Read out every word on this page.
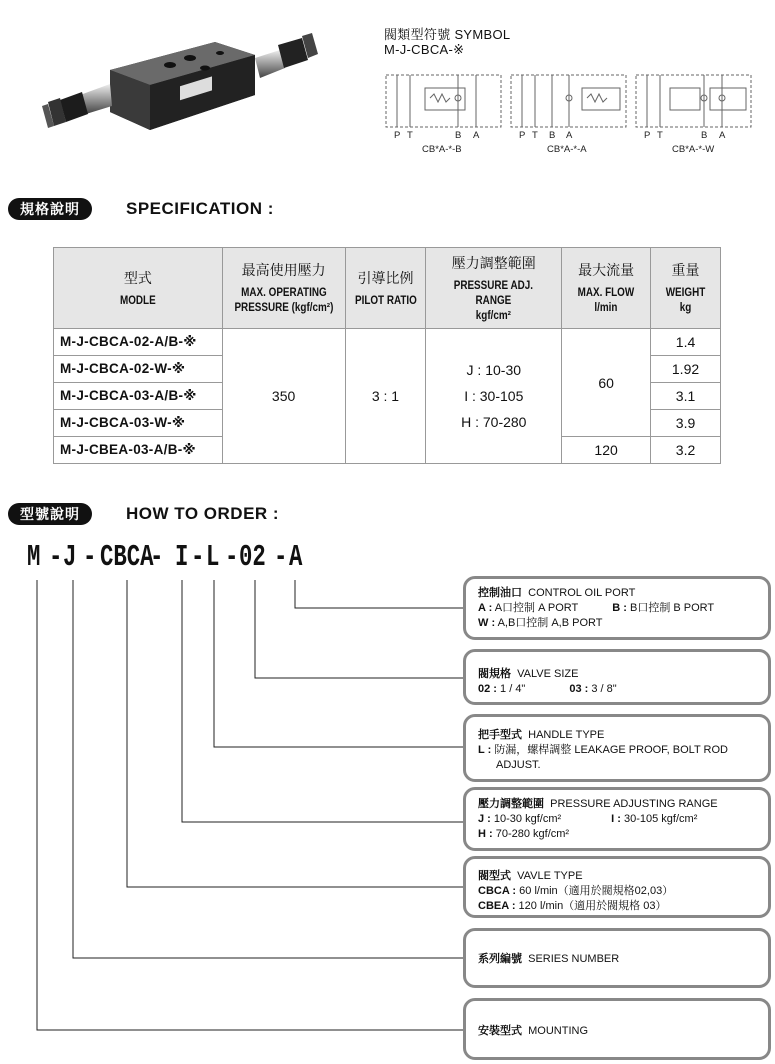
閥類型符號 SYMBOL
M-J-CBCA-※
P T	B A
CB*A-*-B
P T B A
CB*A-*-A
P T	B A
CB*A-*-W
規格說明	SPECIFICATION :
型式
MODLE	最高使用壓力
MAX. OPERATING
PRESSURE (kgf/cm²)	引導比例
PILOT RATIO	壓力調整範圍
PRESSURE ADJ. RANGE
kgf/cm²	最大流量
MAX. FLOW
l/min	重量
WEIGHT
kg

M-J-CBCA-02-A/B-※	350	3 : 1	J : 10-30
I : 30-105
H : 70-280	60	1.4
M-J-CBCA-02-W-※					1.92
M-J-CBCA-03-A/B-※					3.1
M-J-CBCA-03-W-※					3.9
M-J-CBEA-03-A/B-※				120	3.2
型號說明	HOW TO ORDER :
M - J - CBCA
- I - L - 02 - A
控制油口 CONTROL OIL PORT
A : A口控制 A PORT	B : B口控制 B PORT
W : A,B口控制 A,B PORT
閥規格 VALVE SIZE
02 : 1 / 4"	03 : 3 / 8"
把手型式 HANDLE TYPE
L : 防漏，螺桿調整 LEAKAGE PROOF, BOLT ROD
ADJUST.
壓力調整範圍 PRESSURE ADJUSTING RANGE
J : 10-30 kgf/cm²	I : 30-105 kgf/cm²
H : 70-280 kgf/cm²
閥型式 VAVLE TYPE
CBCA : 60 l/min（適用於閥規格02,03）
CBEA : 120 l/min（適用於閥規格 03）
系列編號 SERIES NUMBER
安裝型式 MOUNTING
